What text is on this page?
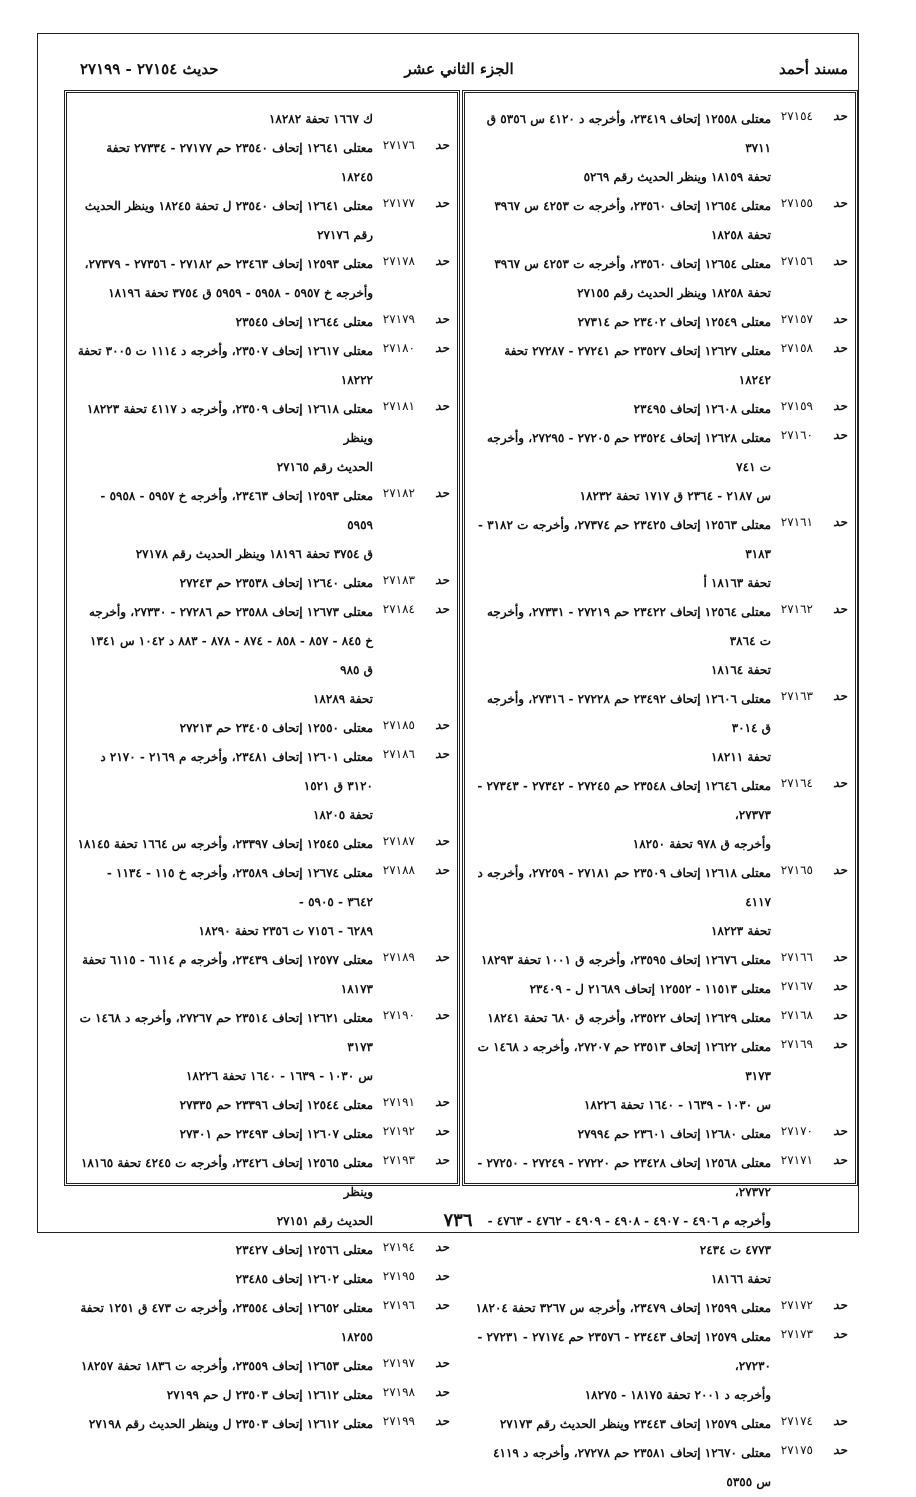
مسند أحمد
الجزء الثاني عشر
حديث ٢٧١٥٤ - ٢٧١٩٩
حد
٢٧١٥٤
معتلى ١٢٥٥٨ إتحاف ٢٣٤١٩، وأخرجه د ٤١٢٠ س ٥٣٥٦ ق ٣٧١١
تحفة ١٨١٥٩ وينظر الحديث رقم ٥٢٦٩
حد
٢٧١٥٥
معتلى ١٢٦٥٤ إتحاف ٢٣٥٦٠، وأخرجه ت ٤٢٥٣ س ٣٩٦٧
تحفة ١٨٢٥٨
حد
٢٧١٥٦
معتلى ١٢٦٥٤ إتحاف ٢٣٥٦٠، وأخرجه ت ٤٢٥٣ س ٣٩٦٧
تحفة ١٨٢٥٨ وينظر الحديث رقم ٢٧١٥٥
حد
٢٧١٥٧
معتلى ١٢٥٤٩ إتحاف ٢٣٤٠٢ حم ٢٧٣١٤
حد
٢٧١٥٨
معتلى ١٢٦٢٧ إتحاف ٢٣٥٢٧ حم ٢٧٢٤١ - ٢٧٢٨٧ تحفة ١٨٢٤٢
حد
٢٧١٥٩
معتلى ١٢٦٠٨ إتحاف ٢٣٤٩٥
حد
٢٧١٦٠
معتلى ١٢٦٢٨ إتحاف ٢٣٥٢٤ حم ٢٧٢٠٥ - ٢٧٢٩٥، وأخرجه ت ٧٤١
س ٢١٨٧ - ٢٣٦٤ ق ١٧١٧ تحفة ١٨٢٣٢
حد
٢٧١٦١
معتلى ١٢٥٦٣ إتحاف ٢٣٤٢٥ حم ٢٧٣٧٤، وأخرجه ت ٣١٨٢ - ٣١٨٣
تحفة ١٨١٦٣ أ
حد
٢٧١٦٢
معتلى ١٢٥٦٤ إتحاف ٢٣٤٢٢ حم ٢٧٢١٩ - ٢٧٣٣١، وأخرجه ت ٣٨٦٤
تحفة ١٨١٦٤
حد
٢٧١٦٣
معتلى ١٢٦٠٦ إتحاف ٢٣٤٩٢ حم ٢٧٢٢٨ - ٢٧٣١٦، وأخرجه ق ٣٠١٤
تحفة ١٨٢١١
حد
٢٧١٦٤
معتلى ١٢٦٤٦ إتحاف ٢٣٥٤٨ حم ٢٧٢٤٥ - ٢٧٣٤٢ - ٢٧٣٤٣ - ٢٧٣٧٣،
وأخرجه ق ٩٧٨ تحفة ١٨٢٥٠
حد
٢٧١٦٥
معتلى ١٢٦١٨ إتحاف ٢٣٥٠٩ حم ٢٧١٨١ - ٢٧٢٥٩، وأخرجه د ٤١١٧
تحفة ١٨٢٢٣
حد
٢٧١٦٦
معتلى ١٢٦٧٦ إتحاف ٢٣٥٩٥، وأخرجه ق ١٠٠١ تحفة ١٨٢٩٣
حد
٢٧١٦٧
معتلى ١١٥١٣ - ١٢٥٥٢ إتحاف ٢١٦٨٩ ل - ٢٣٤٠٩
حد
٢٧١٦٨
معتلى ١٢٦٢٩ إتحاف ٢٣٥٢٢، وأخرجه ق ٦٨٠ تحفة ١٨٢٤١
حد
٢٧١٦٩
معتلى ١٢٦٢٢ إتحاف ٢٣٥١٣ حم ٢٧٢٠٧، وأخرجه د ١٤٦٨ ت ٣١٧٣
س ١٠٣٠ - ١٦٣٩ - ١٦٤٠ تحفة ١٨٢٢٦
حد
٢٧١٧٠
معتلى ١٢٦٨٠ إتحاف ٢٣٦٠١ حم ٢٧٩٩٤
حد
٢٧١٧١
معتلى ١٢٥٦٨ إتحاف ٢٣٤٢٨ حم ٢٧٢٢٠ - ٢٧٢٤٩ - ٢٧٢٥٠ - ٢٧٣٧٢،
وأخرجه م ٤٩٠٦ - ٤٩٠٧ - ٤٩٠٨ - ٤٩٠٩ - ٤٧٦٢ - ٤٧٦٣ - ٤٧٧٣ ت ٢٤٣٤
تحفة ١٨١٦٦
حد
٢٧١٧٢
معتلى ١٢٥٩٩ إتحاف ٢٣٤٧٩، وأخرجه س ٣٢٦٧ تحفة ١٨٢٠٤
حد
٢٧١٧٣
معتلى ١٢٥٧٩ إتحاف ٢٣٤٤٣ - ٢٣٥٧٦ حم ٢٧١٧٤ - ٢٧٢٣١ - ٢٧٢٣٠،
وأخرجه د ٢٠٠١ تحفة ١٨١٧٥ - ١٨٢٧٥
حد
٢٧١٧٤
معتلى ١٢٥٧٩ إتحاف ٢٣٤٤٣ وينظر الحديث رقم ٢٧١٧٣
حد
٢٧١٧٥
معتلى ١٢٦٧٠ إتحاف ٢٣٥٨١ حم ٢٧٢٧٨، وأخرجه د ٤١١٩ س ٥٣٥٥
ك ١٦٦٧ تحفة ١٨٢٨٢
حد
٢٧١٧٦
معتلى ١٢٦٤١ إتحاف ٢٣٥٤٠ حم ٢٧١٧٧ - ٢٧٣٣٤ تحفة ١٨٢٤٥
حد
٢٧١٧٧
معتلى ١٢٦٤١ إتحاف ٢٣٥٤٠ ل تحفة ١٨٢٤٥ وينظر الحديث
رقم ٢٧١٧٦
حد
٢٧١٧٨
معتلى ١٢٥٩٣ إتحاف ٢٣٤٦٣ حم ٢٧١٨٢ - ٢٧٣٥٦ - ٢٧٣٧٩،
وأخرجه خ ٥٩٥٧ - ٥٩٥٨ - ٥٩٥٩ ق ٣٧٥٤ تحفة ١٨١٩٦
حد
٢٧١٧٩
معتلى ١٢٦٤٤ إتحاف ٢٣٥٤٥
حد
٢٧١٨٠
معتلى ١٢٦١٧ إتحاف ٢٣٥٠٧، وأخرجه د ١١١٤ ت ٣٠٠٥ تحفة ١٨٢٢٢
حد
٢٧١٨١
معتلى ١٢٦١٨ إتحاف ٢٣٥٠٩، وأخرجه د ٤١١٧ تحفة ١٨٢٢٣ وينظر
الحديث رقم ٢٧١٦٥
حد
٢٧١٨٢
معتلى ١٢٥٩٣ إتحاف ٢٣٤٦٣، وأخرجه خ ٥٩٥٧ - ٥٩٥٨ - ٥٩٥٩
ق ٣٧٥٤ تحفة ١٨١٩٦ وينظر الحديث رقم ٢٧١٧٨
حد
٢٧١٨٣
معتلى ١٢٦٤٠ إتحاف ٢٣٥٣٨ حم ٢٧٢٤٣
حد
٢٧١٨٤
معتلى ١٢٦٧٣ إتحاف ٢٣٥٨٨ حم ٢٧٢٨٦ - ٢٧٣٣٠، وأخرجه
خ ٨٤٥ - ٨٥٧ - ٨٥٨ - ٨٧٤ - ٨٧٨ - ٨٨٣ د ١٠٤٢ س ١٣٤١ ق ٩٨٥
تحفة ١٨٢٨٩
حد
٢٧١٨٥
معتلى ١٢٥٥٠ إتحاف ٢٣٤٠٥ حم ٢٧٢١٣
حد
٢٧١٨٦
معتلى ١٢٦٠١ إتحاف ٢٣٤٨١، وأخرجه م ٢١٦٩ - ٢١٧٠ د ٣١٢٠ ق ١٥٢١
تحفة ١٨٢٠٥
حد
٢٧١٨٧
معتلى ١٢٥٤٥ إتحاف ٢٣٣٩٧، وأخرجه س ١٦٦٤ تحفة ١٨١٤٥
حد
٢٧١٨٨
معتلى ١٢٦٧٤ إتحاف ٢٣٥٨٩، وأخرجه خ ١١٥ - ١١٣٤ - ٣٦٤٢ - ٥٩٠٥ -
٦٢٨٩ - ٧١٥٦ ت ٢٣٥٦ تحفة ١٨٢٩٠
حد
٢٧١٨٩
معتلى ١٢٥٧٧ إتحاف ٢٣٤٣٩، وأخرجه م ٦١١٤ - ٦١١٥ تحفة ١٨١٧٣
حد
٢٧١٩٠
معتلى ١٢٦٢١ إتحاف ٢٣٥١٤ حم ٢٧٢٦٧، وأخرجه د ١٤٦٨ ت ٣١٧٣
س ١٠٣٠ - ١٦٣٩ - ١٦٤٠ تحفة ١٨٢٢٦
حد
٢٧١٩١
معتلى ١٢٥٤٤ إتحاف ٢٣٣٩٦ حم ٢٧٣٣٥
حد
٢٧١٩٢
معتلى ١٢٦٠٧ إتحاف ٢٣٤٩٣ حم ٢٧٣٠١
حد
٢٧١٩٣
معتلى ١٢٥٦٥ إتحاف ٢٣٤٢٦، وأخرجه ت ٤٢٤٥ تحفة ١٨١٦٥ وينظر
الحديث رقم ٢٧١٥١
حد
٢٧١٩٤
معتلى ١٢٥٦٦ إتحاف ٢٣٤٢٧
حد
٢٧١٩٥
معتلى ١٢٦٠٢ إتحاف ٢٣٤٨٥
حد
٢٧١٩٦
معتلى ١٢٦٥٢ إتحاف ٢٣٥٥٤، وأخرجه ت ٤٧٣ ق ١٢٥١ تحفة ١٨٢٥٥
حد
٢٧١٩٧
معتلى ١٢٦٥٣ إتحاف ٢٣٥٥٩، وأخرجه ت ١٨٣٦ تحفة ١٨٢٥٧
حد
٢٧١٩٨
معتلى ١٢٦١٢ إتحاف ٢٣٥٠٣ ل حم ٢٧١٩٩
حد
٢٧١٩٩
معتلى ١٢٦١٢ إتحاف ٢٣٥٠٣ ل وينظر الحديث رقم ٢٧١٩٨
٧٣٦
